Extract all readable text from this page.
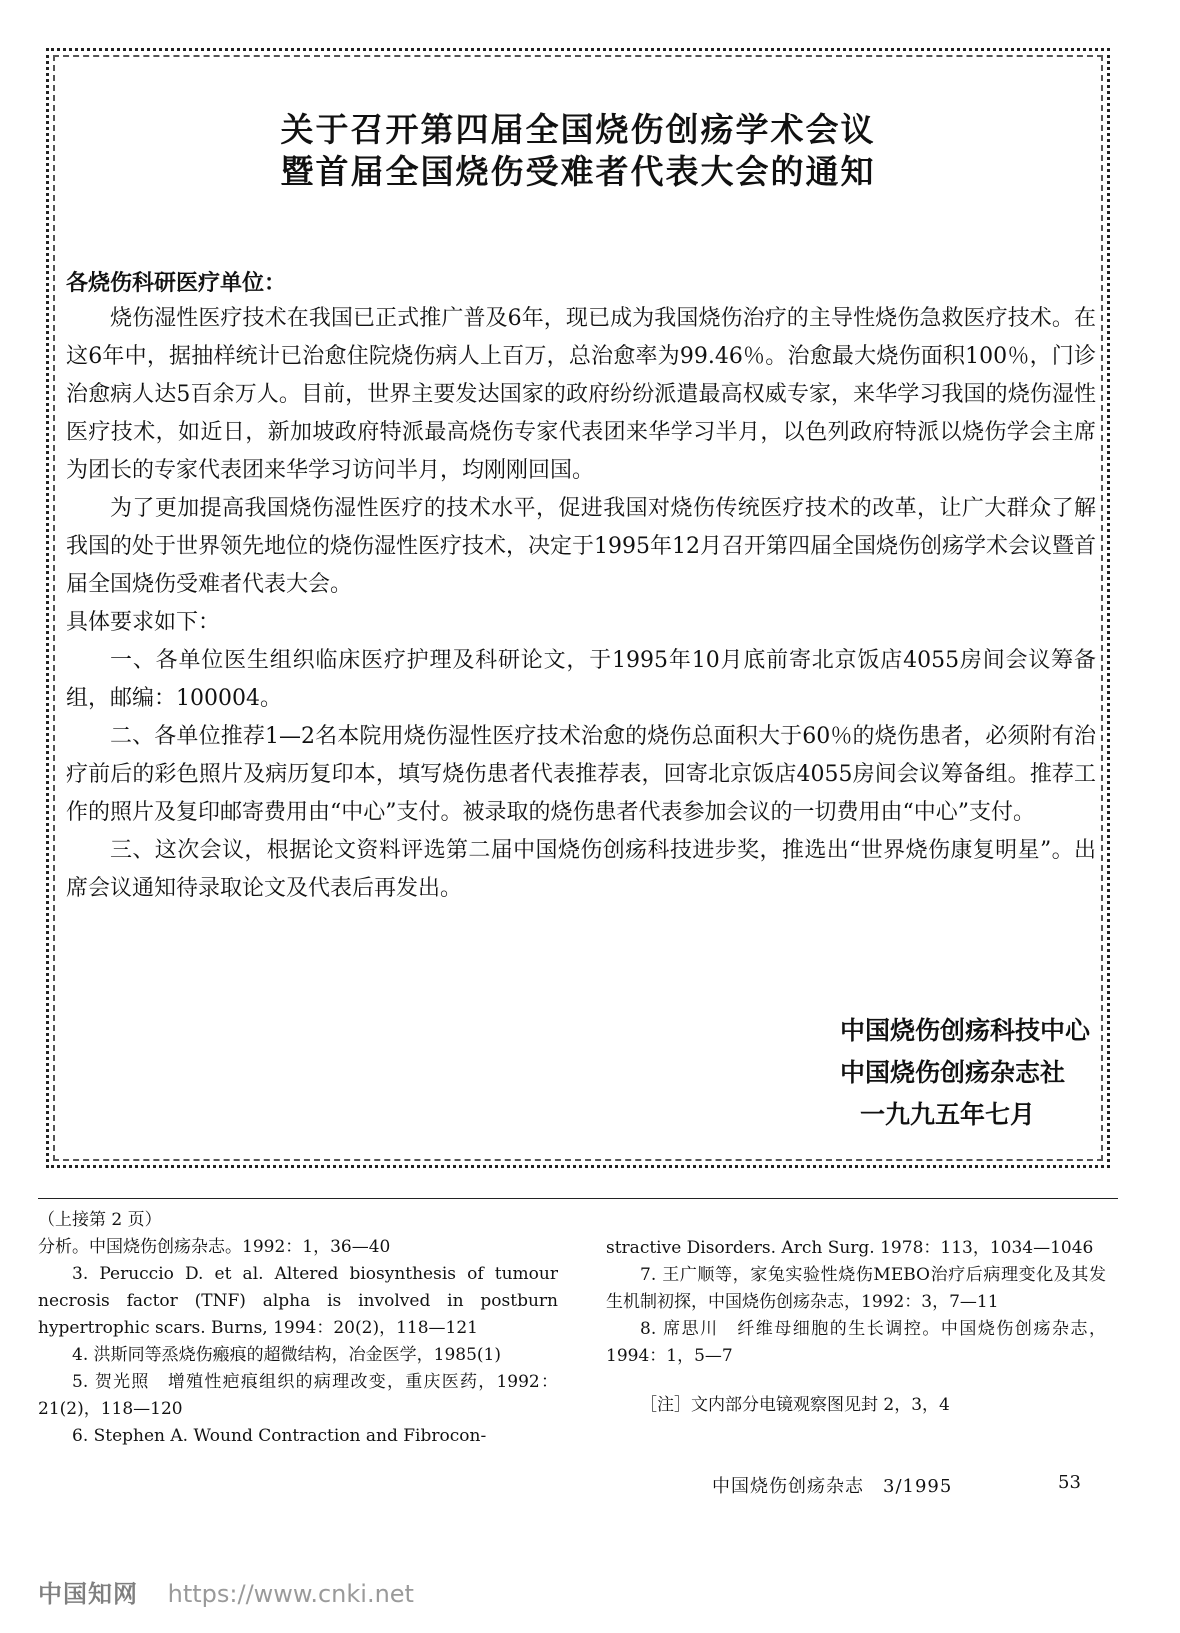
关于召开第四届全国烧伤创疡学术会议
暨首届全国烧伤受难者代表大会的通知

各烧伤科研医疗单位：

烧伤湿性医疗技术在我国已正式推广普及6年，现已成为我国烧伤治疗的主导性烧伤急救医疗技术。在这6年中，据抽样统计已治愈住院烧伤病人上百万，总治愈率为99.46％。治愈最大烧伤面积100％，门诊治愈病人达5百余万人。目前，世界主要发达国家的政府纷纷派遣最高权威专家，来华学习我国的烧伤湿性医疗技术，如近日，新加坡政府特派最高烧伤专家代表团来华学习半月，以色列政府特派以烧伤学会主席为团长的专家代表团来华学习访问半月，均刚刚回国。

为了更加提高我国烧伤湿性医疗的技术水平，促进我国对烧伤传统医疗技术的改革，让广大群众了解我国的处于世界领先地位的烧伤湿性医疗技术，决定于1995年12月召开第四届全国烧伤创疡学术会议暨首届全国烧伤受难者代表大会。

具体要求如下：

一、各单位医生组织临床医疗护理及科研论文，于1995年10月底前寄北京饭店4055房间会议筹备组，邮编：100004。

二、各单位推荐1—2名本院用烧伤湿性医疗技术治愈的烧伤总面积大于60％的烧伤患者，必须附有治疗前后的彩色照片及病历复印本，填写烧伤患者代表推荐表，回寄北京饭店4055房间会议筹备组。推荐工作的照片及复印邮寄费用由“中心”支付。被录取的烧伤患者代表参加会议的一切费用由“中心”支付。

三、这次会议，根据论文资料评选第二届中国烧伤创疡科技进步奖，推选出“世界烧伤康复明星”。出席会议通知待录取论文及代表后再发出。

中国烧伤创疡科技中心
中国烧伤创疡杂志社
一九九五年七月

（上接第 2 页）

分析。中国烧伤创疡杂志。1992：1，36—40

3. Peruccio D. et al. Altered biosynthesis of tumour necrosis factor (TNF) alpha is involved in postburn hypertrophic scars. Burns, 1994：20(2)，118—121

4. 洪斯同等烝烧伤瘢痕的超微结构，冶金医学，1985(1)

5. 贺光照　增殖性疤痕组织的病理改变，重庆医药，1992：21(2)，118—120

6. Stephen A. Wound Contraction and Fibrocon-

stractive Disorders. Arch Surg. 1978：113，1034—1046

7. 王广顺等，家兔实验性烧伤MEBO治疗后病理变化及其发生机制初探，中国烧伤创疡杂志，1992：3，7—11

8. 席思川　纤维母细胞的生长调控。中国烧伤创疡杂志，1994：1，5—7

［注］文内部分电镜观察图见封 2，3，4

中国烧伤创疡杂志　3/1995	53
中国知网 https://www.cnki.net
